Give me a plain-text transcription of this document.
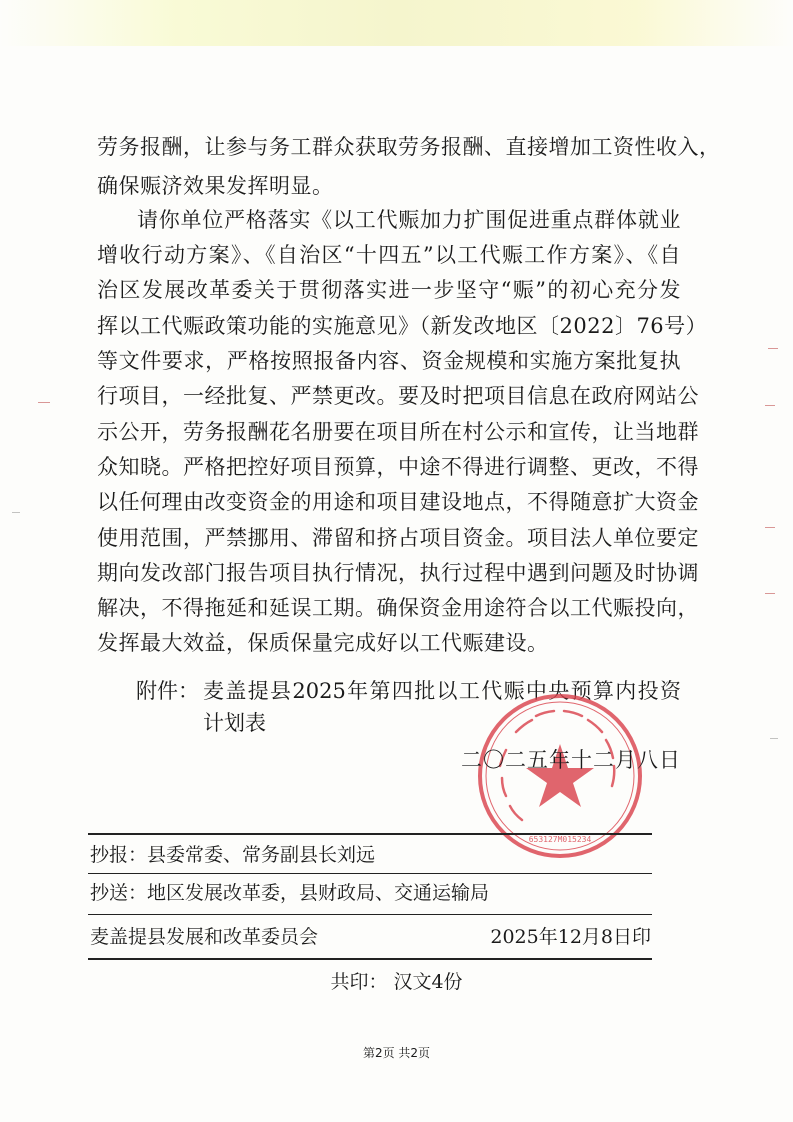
劳务报酬，让参与务工群众获取劳务报酬、直接增加工资性收入，
确保赈济效果发挥明显。
请你单位严格落实《以工代赈加力扩围促进重点群体就业
增收行动方案》、《自治区“十四五”以工代赈工作方案》、《自
治区发展改革委关于贯彻落实进一步坚守“赈”的初心充分发
挥以工代赈政策功能的实施意见》（新发改地区〔2022〕76号）
等文件要求，严格按照报备内容、资金规模和实施方案批复执
行项目，一经批复、严禁更改。要及时把项目信息在政府网站公
示公开，劳务报酬花名册要在项目所在村公示和宣传，让当地群
众知晓。严格把控好项目预算，中途不得进行调整、更改，不得
以任何理由改变资金的用途和项目建设地点，不得随意扩大资金
使用范围，严禁挪用、滞留和挤占项目资金。项目法人单位要定
期向发改部门报告项目执行情况，执行过程中遇到问题及时协调
解决，不得拖延和延误工期。确保资金用途符合以工代赈投向，
发挥最大效益，保质保量完成好以工代赈建设。
附件： 麦盖提县2025年第四批以工代赈中央预算内投资
计划表
653127M015234
二〇二五年十二月八日
抄报：县委常委、常务副县长刘远
抄送：地区发展改革委，县财政局、交通运输局
麦盖提县发展和改革委员会	2025年12月8日印
共印： 汉文4份
第2页 共2页
